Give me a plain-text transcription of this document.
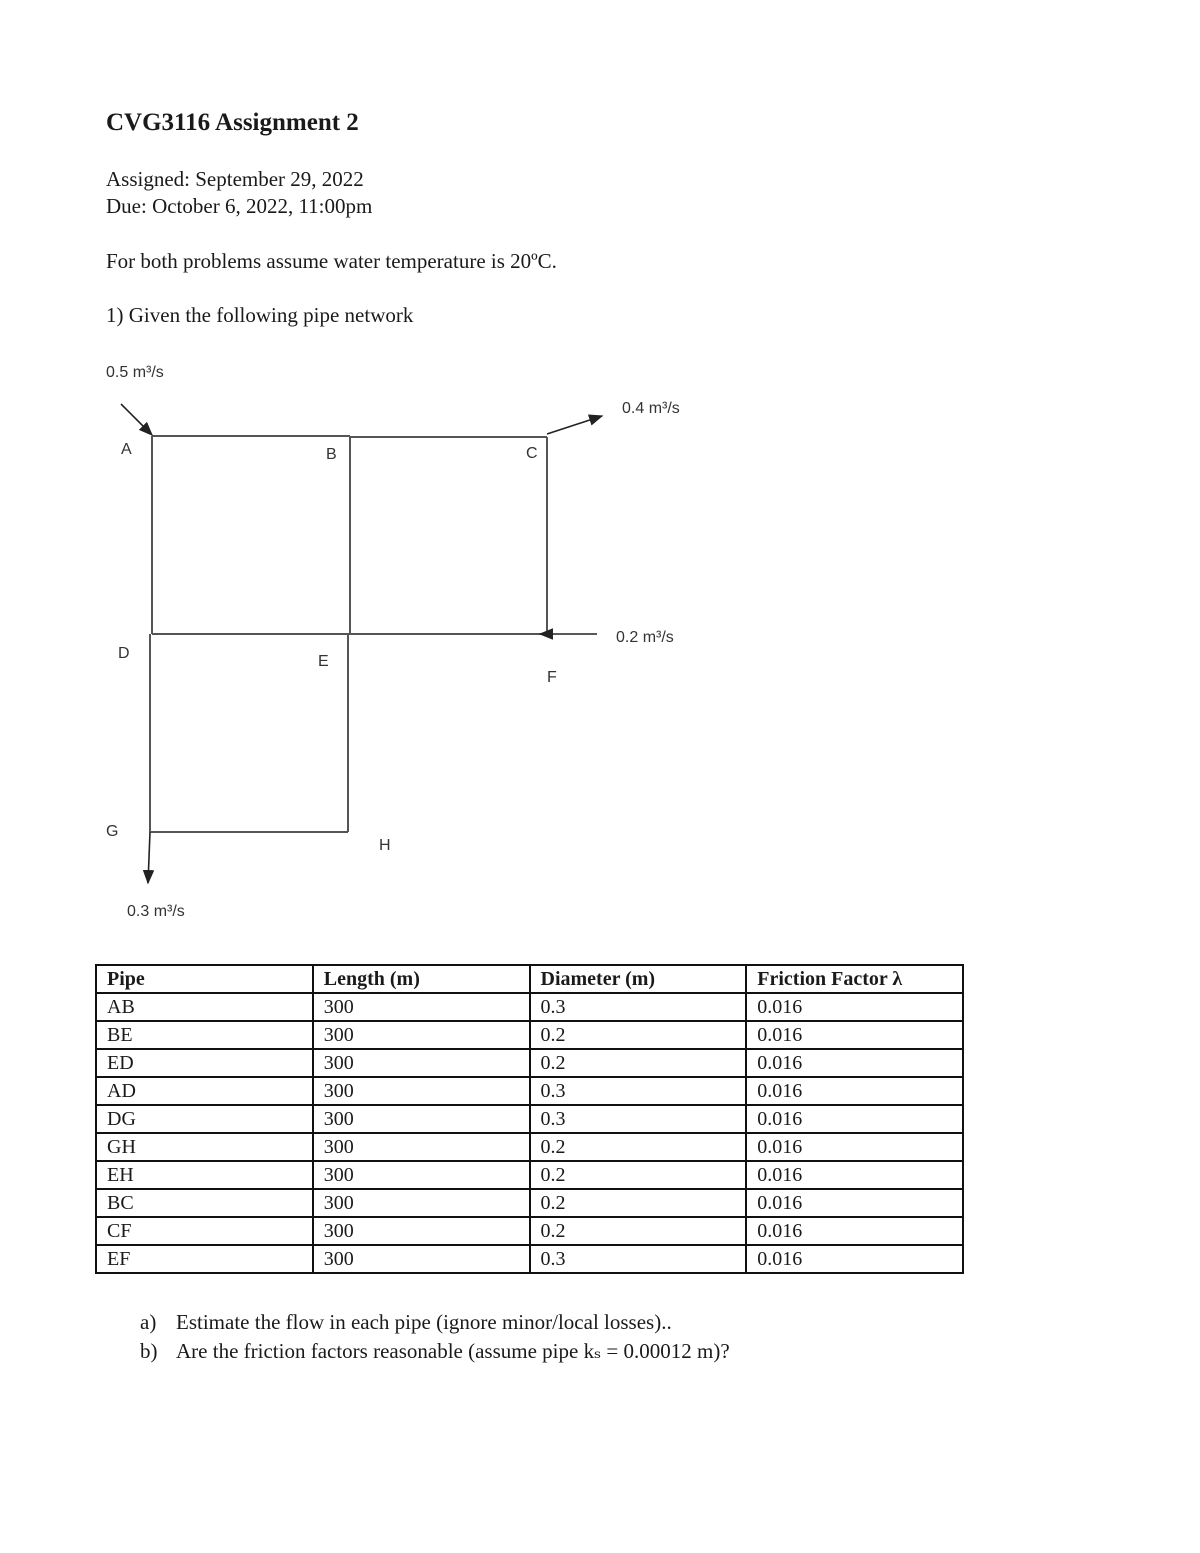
CVG3116 Assignment 2
Assigned: September 29, 2022
Due: October 6, 2022, 11:00pm
For both problems assume water temperature is 20ºC.
1) Given the following pipe network
A	B	C
D	E
F
G
H
0.5 m³/s
0.4 m³/s
0.2 m³/s
0.3 m³/s
Pipe	Length (m)	Diameter (m)	Friction Factor λ
AB	300	0.3	0.016
BE	300	0.2	0.016
ED	300	0.2	0.016
AD	300	0.3	0.016
DG	300	0.3	0.016
GH	300	0.2	0.016
EH	300	0.2	0.016
BC	300	0.2	0.016
CF	300	0.2	0.016
EF	300	0.3	0.016
a) Estimate the flow in each pipe (ignore minor/local losses)..
b) Are the friction factors reasonable (assume pipe kₛ = 0.00012 m)?
